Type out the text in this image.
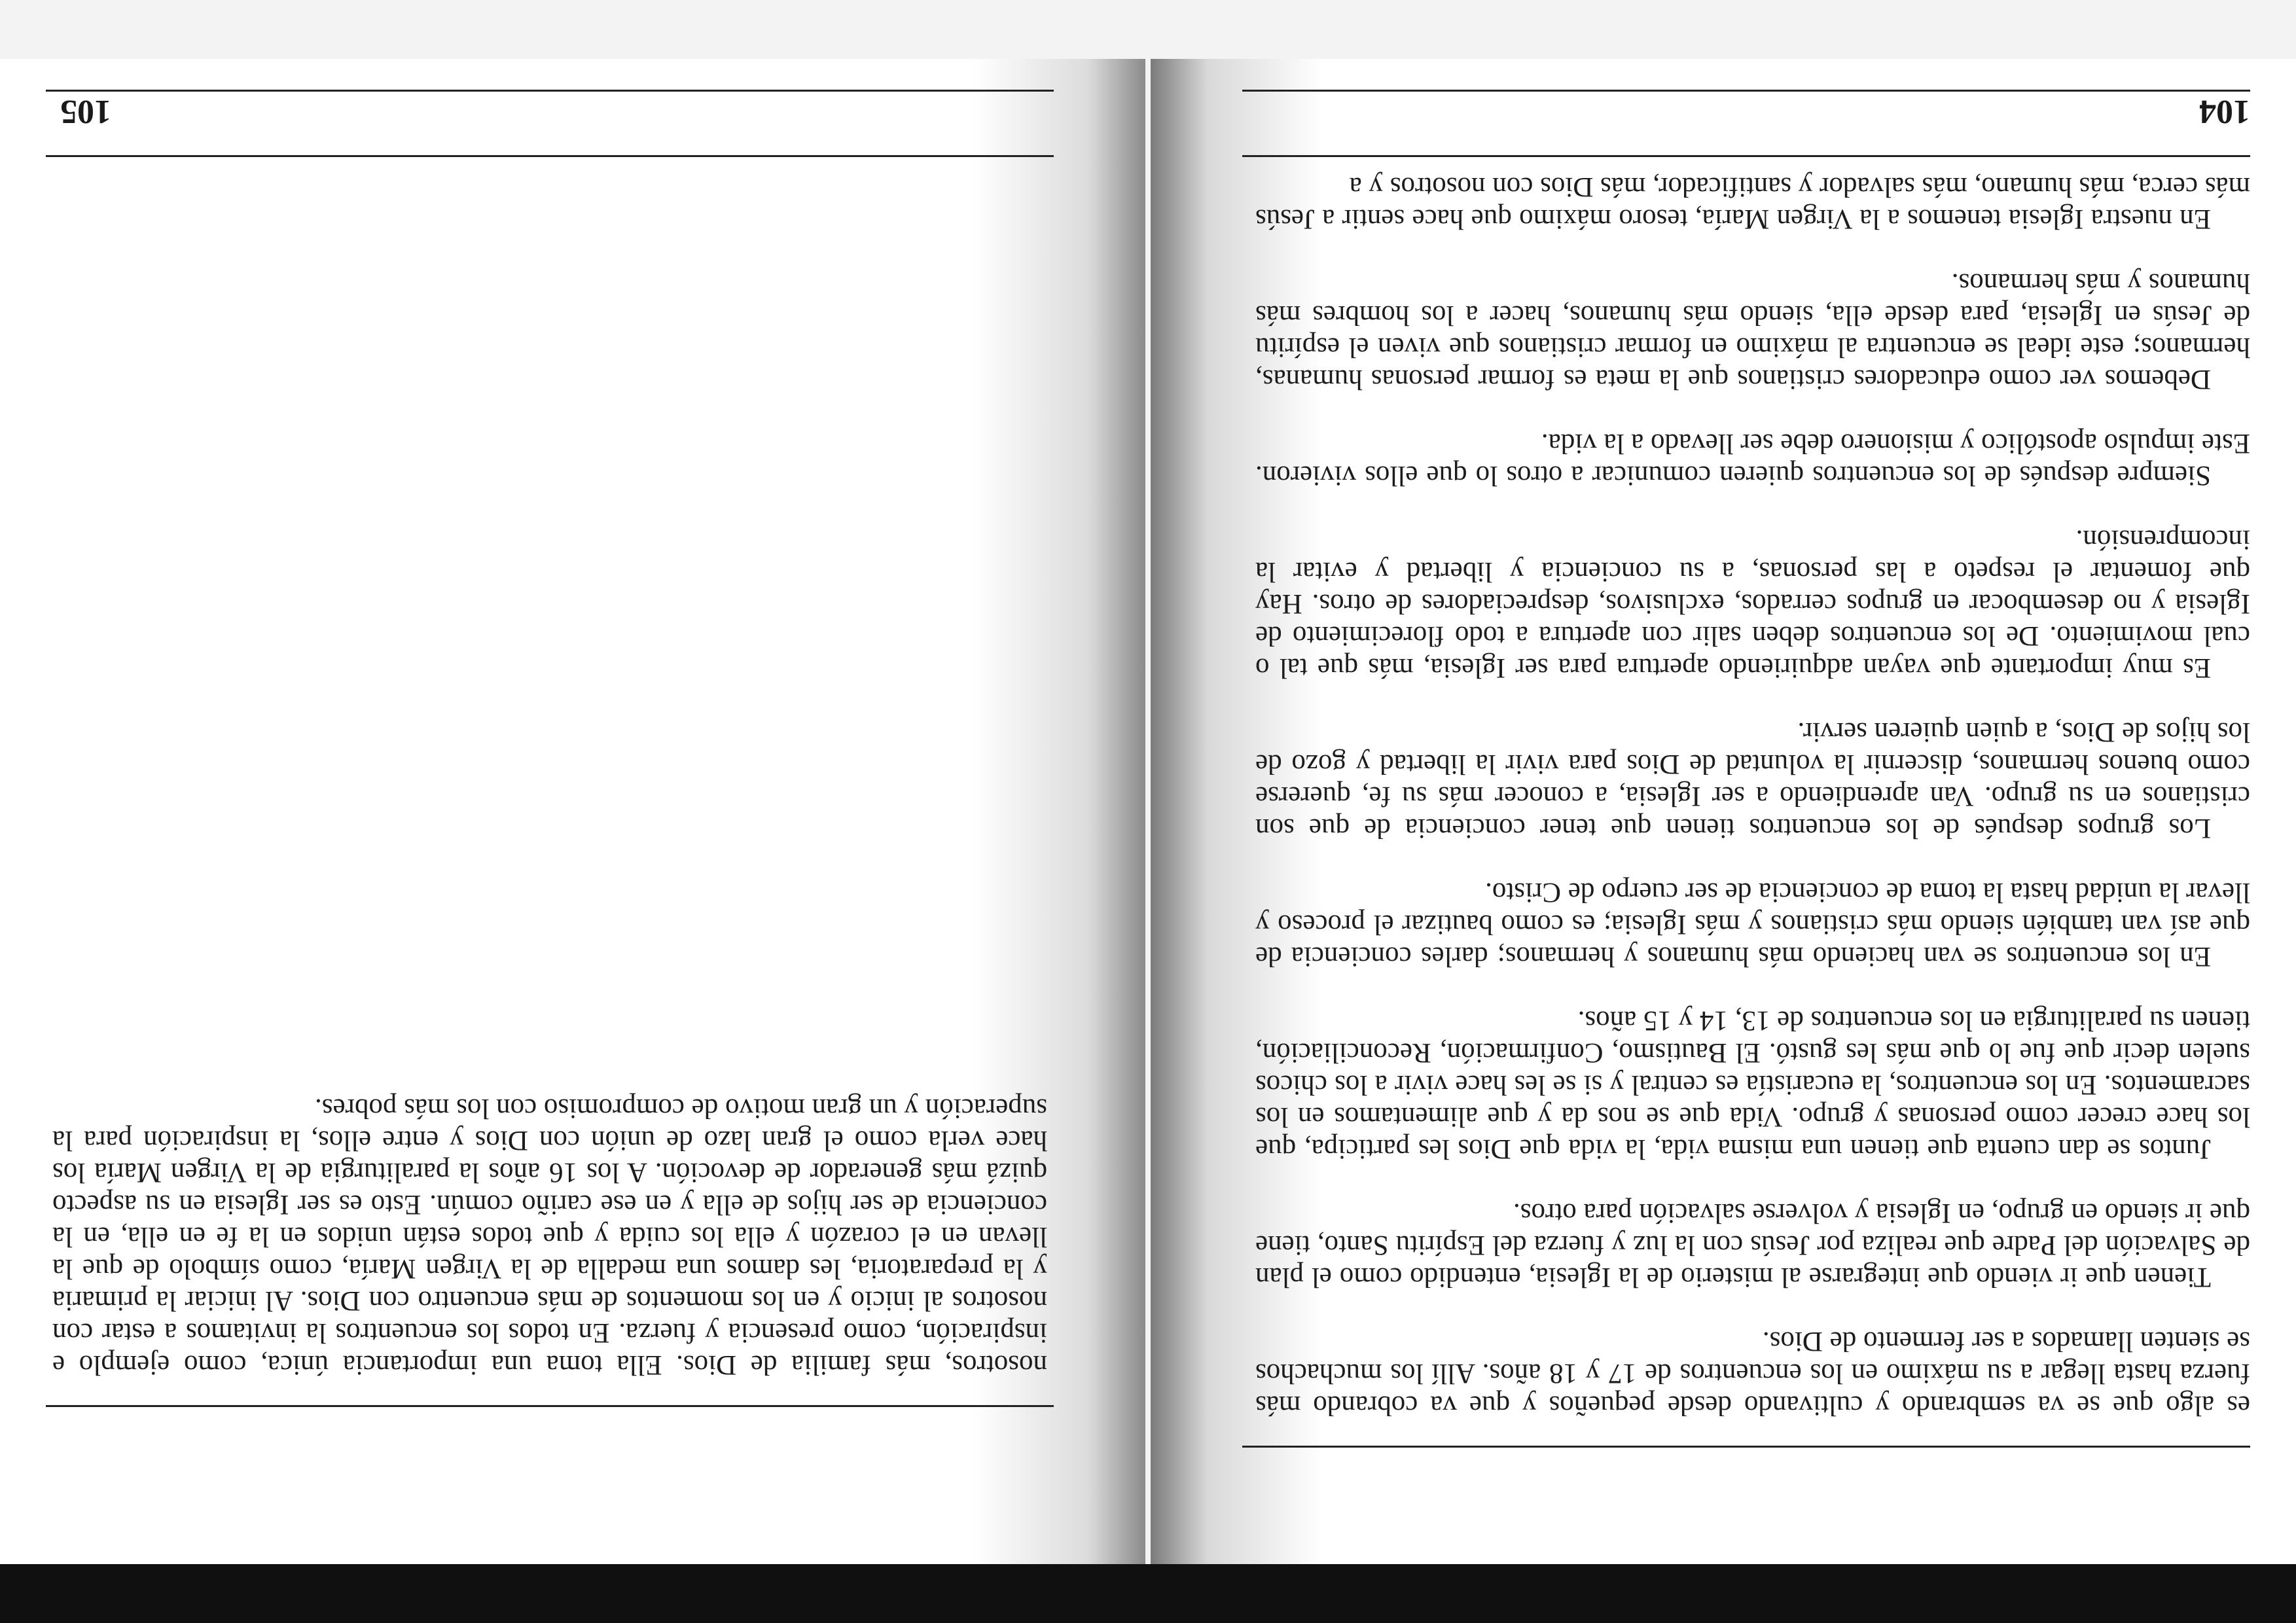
104

es algo que se va sembrando y cultivando desde pequeños y que va cobrando más fuerza hasta llegar a su máximo en los encuentros de 17 y 18 años. Allí los muchachos se sienten llamados a ser fermento de Dios.

Tienen que ir viendo que integrarse al misterio de la Iglesia, entendido como el plan de Salvación del Padre que realiza por Jesús con la luz y fuerza del Espíritu Santo, tiene que ir siendo en grupo, en Iglesia y volverse salvación para otros.

Juntos se dan cuenta que tienen una misma vida, la vida que Dios les participa, que los hace crecer como personas y grupo. Vida que se nos da y que alimentamos en los sacramentos. En los encuentros, la eucaristía es central y si se les hace vivir a los chicos suelen decir que fue lo que más les gustó. El Bautismo, Confirmación, Reconciliación, tienen su paraliturgia en los encuentros de 13, 14 y 15 años.

En los encuentros se van haciendo más humanos y hermanos; darles conciencia de que así van también siendo más cristianos y más Iglesia; es como bautizar el proceso y llevar la unidad hasta la toma de conciencia de ser cuerpo de Cristo.

Los grupos después de los encuentros tienen que tener conciencia de que son cristianos en su grupo. Van aprendiendo a ser Iglesia, a conocer más su fe, quererse como buenos hermanos, discernir la voluntad de Dios para vivir la libertad y gozo de los hijos de Dios, a quien quieren servir.

Es muy importante que vayan adquiriendo apertura para ser Iglesia, más que tal o cual movimiento. De los encuentros deben salir con apertura a todo florecimiento de Iglesia y no desembocar en grupos cerrados, exclusivos, despreciadores de otros. Hay que fomentar el respeto a las personas, a su conciencia y libertad y evitar la incomprensión.

Siempre después de los encuentros quieren comunicar a otros lo que ellos vivieron. Este impulso apostólico y misionero debe ser llevado a la vida.

Debemos ver como educadores cristianos que la meta es formar personas humanas, hermanos; este ideal se encuentra al máximo en formar cristianos que viven el espíritu de Jesús en Iglesia, para desde ella, siendo más humanos, hacer a los hombres más humanos y más hermanos.

En nuestra Iglesia tenemos a la Virgen María, tesoro máximo que hace sentir a Jesús más cerca, más humano, más salvador y santificador, más Dios con nosotros y a

105

nosotros, más familia de Dios. Ella toma una importancia única, como ejemplo e inspiración, como presencia y fuerza. En todos los encuentros la invitamos a estar con nosotros al inicio y en los momentos de más encuentro con Dios. Al iniciar la primaria y la preparatoria, les damos una medalla de la Virgen María, como símbolo de que la llevan en el corazón y ella los cuida y que todos están unidos en la fe en ella, en la conciencia de ser hijos de ella y en ese cariño común. Esto es ser Iglesia en su aspecto quizá más generador de devoción. A los 16 años la paraliturgia de la Virgen María los hace verla como el gran lazo de unión con Dios y entre ellos, la inspiración para la superación y un gran motivo de compromiso con los más pobres.
